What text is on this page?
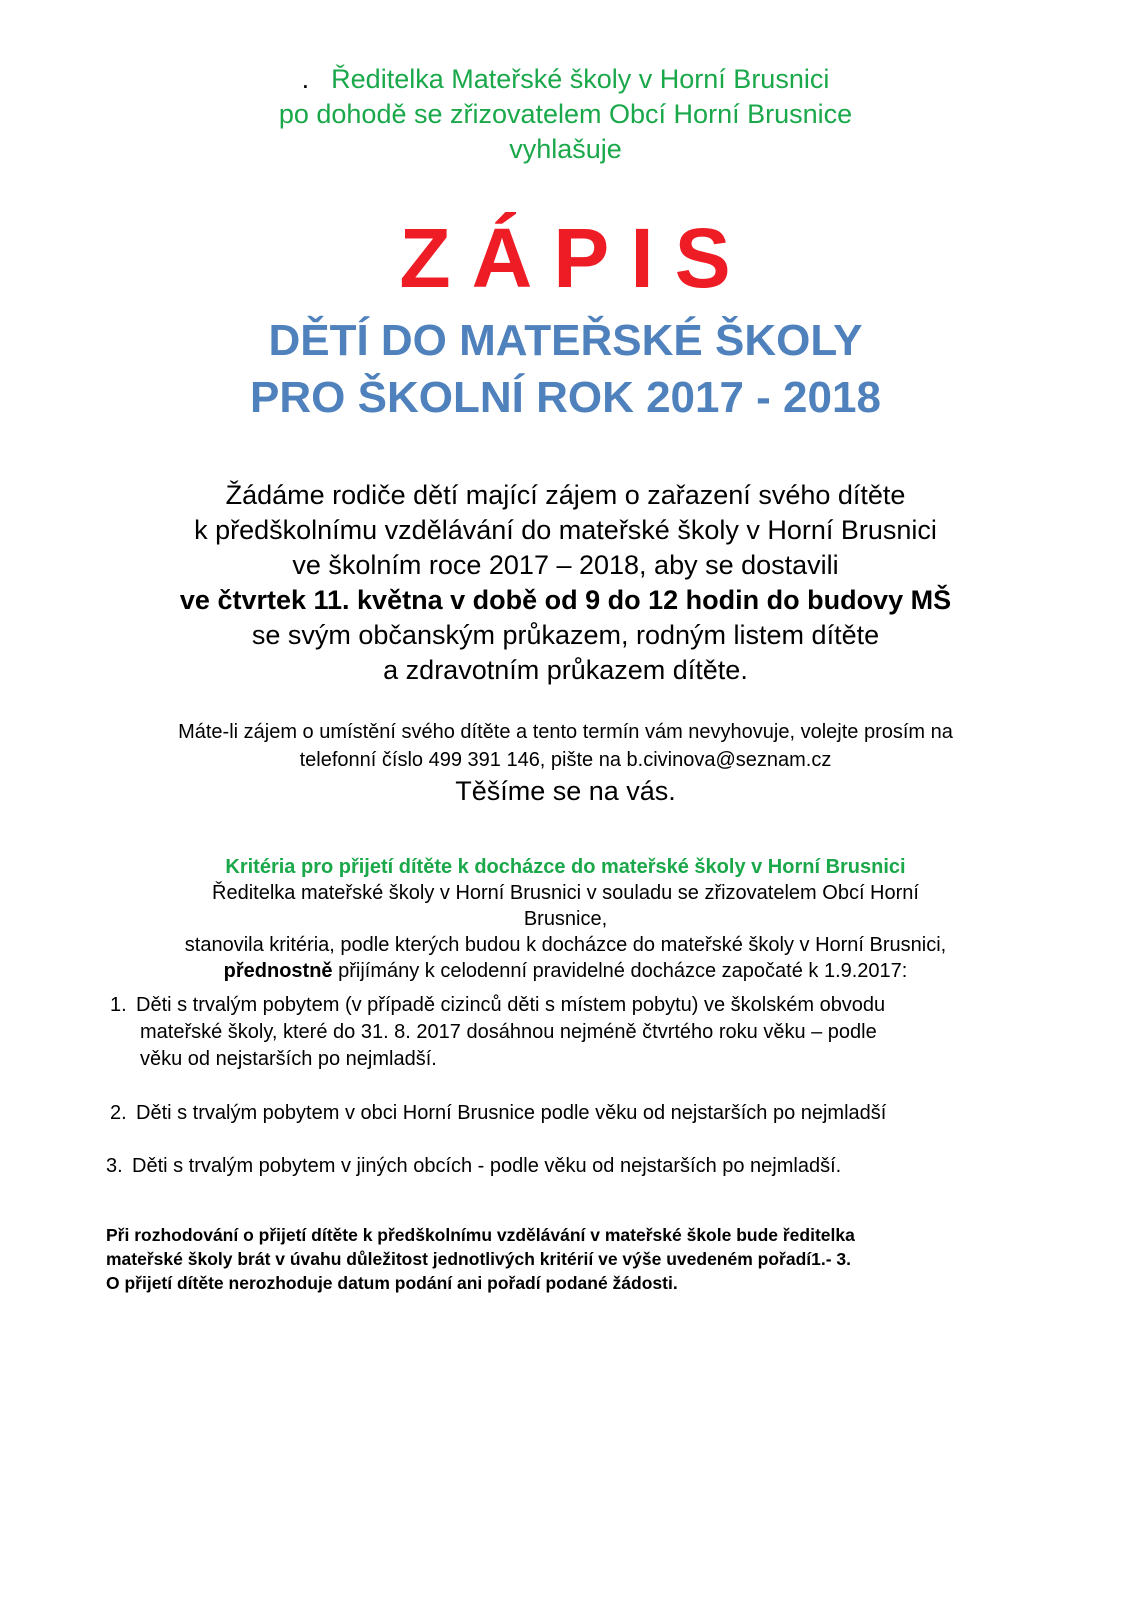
. Ředitelka Mateřské školy v Horní Brusnici
po dohodě se zřizovatelem Obcí Horní Brusnice
vyhlašuje
ZÁPIS
DĚTÍ DO MATEŘSKÉ ŠKOLY
PRO ŠKOLNÍ ROK 2017 - 2018
Žádáme rodiče dětí mající zájem o zařazení svého dítěte
k předškolnímu vzdělávání do mateřské školy v Horní Brusnici
ve školním roce 2017 – 2018, aby se dostavili
ve čtvrtek 11. května v době od 9 do 12 hodin do budovy MŠ
se svým občanským průkazem, rodným listem dítěte
a zdravotním průkazem dítěte.
Máte-li zájem o umístění svého dítěte a tento termín vám nevyhovuje, volejte prosím na
telefonní číslo 499 391 146, pište na b.civinova@seznam.cz
Těšíme se na vás.
Kritéria pro přijetí dítěte k docházce do mateřské školy v Horní Brusnici
Ředitelka mateřské školy v Horní Brusnici v souladu se zřizovatelem Obcí Horní
Brusnice,
stanovila kritéria, podle kterých budou k docházce do mateřské školy v Horní Brusnici,
přednostně přijímány k celodenní pravidelné docházce započaté k 1.9.2017:
1. Děti s trvalým pobytem (v případě cizinců děti s místem pobytu) ve školském obvodu
mateřské školy, které do 31. 8. 2017 dosáhnou nejméně čtvrtého roku věku – podle
věku od nejstarších po nejmladší.
2. Děti s trvalým pobytem v obci Horní Brusnice podle věku od nejstarších po nejmladší
3. Děti s trvalým pobytem v jiných obcích - podle věku od nejstarších po nejmladší.
Při rozhodování o přijetí dítěte k předškolnímu vzdělávání v mateřské škole bude ředitelka
mateřské školy brát v úvahu důležitost jednotlivých kritérií ve výše uvedeném pořadí1.- 3.
O přijetí dítěte nerozhoduje datum podání ani pořadí podané žádosti.
